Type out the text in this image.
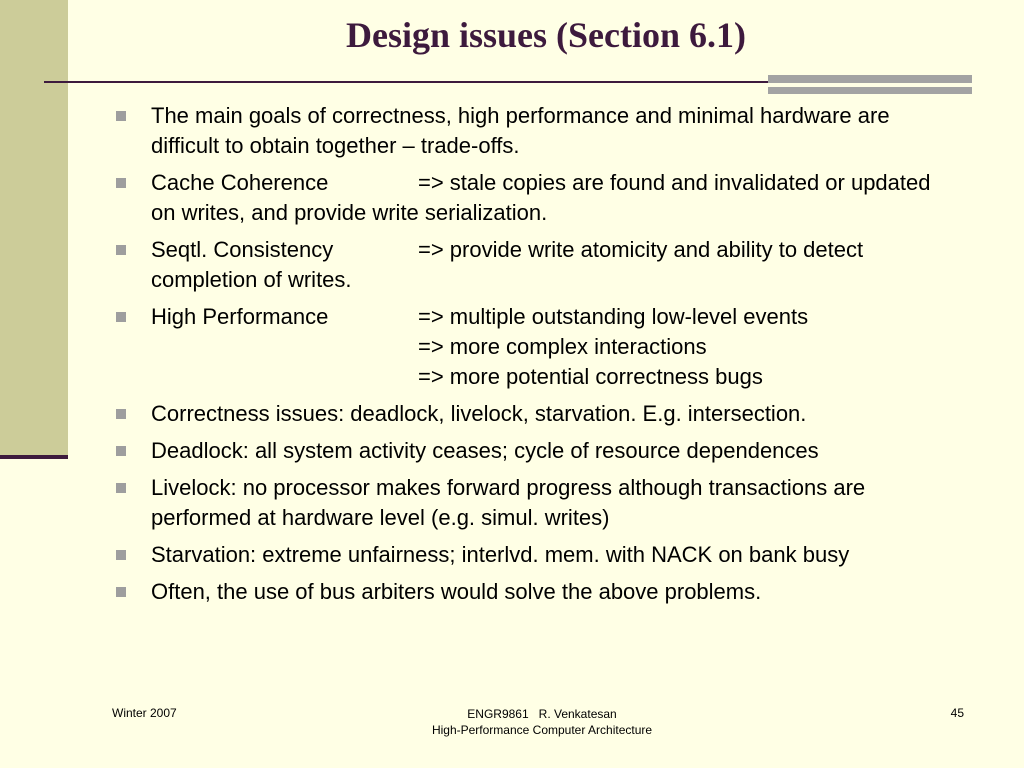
Design issues (Section 6.1)
The main goals of correctness, high performance and minimal hardware are difficult to obtain together – trade-offs.
Cache Coherence	=> stale copies are found and invalidated or updated on writes, and provide write serialization.
Seqtl. Consistency	=> provide write atomicity and ability to detect completion of writes.
High Performance	=> multiple outstanding low-level events
=> more complex interactions
=> more potential correctness bugs
Correctness issues: deadlock, livelock, starvation. E.g. intersection.
Deadlock: all system activity ceases; cycle of resource dependences
Livelock: no processor makes forward progress although transactions are performed at hardware level (e.g. simul. writes)
Starvation: extreme unfairness; interlvd. mem. with NACK on bank busy
Often, the use of bus arbiters would solve the above problems.
Winter 2007	ENGR9861 R. Venkatesan
High-Performance Computer Architecture
45
